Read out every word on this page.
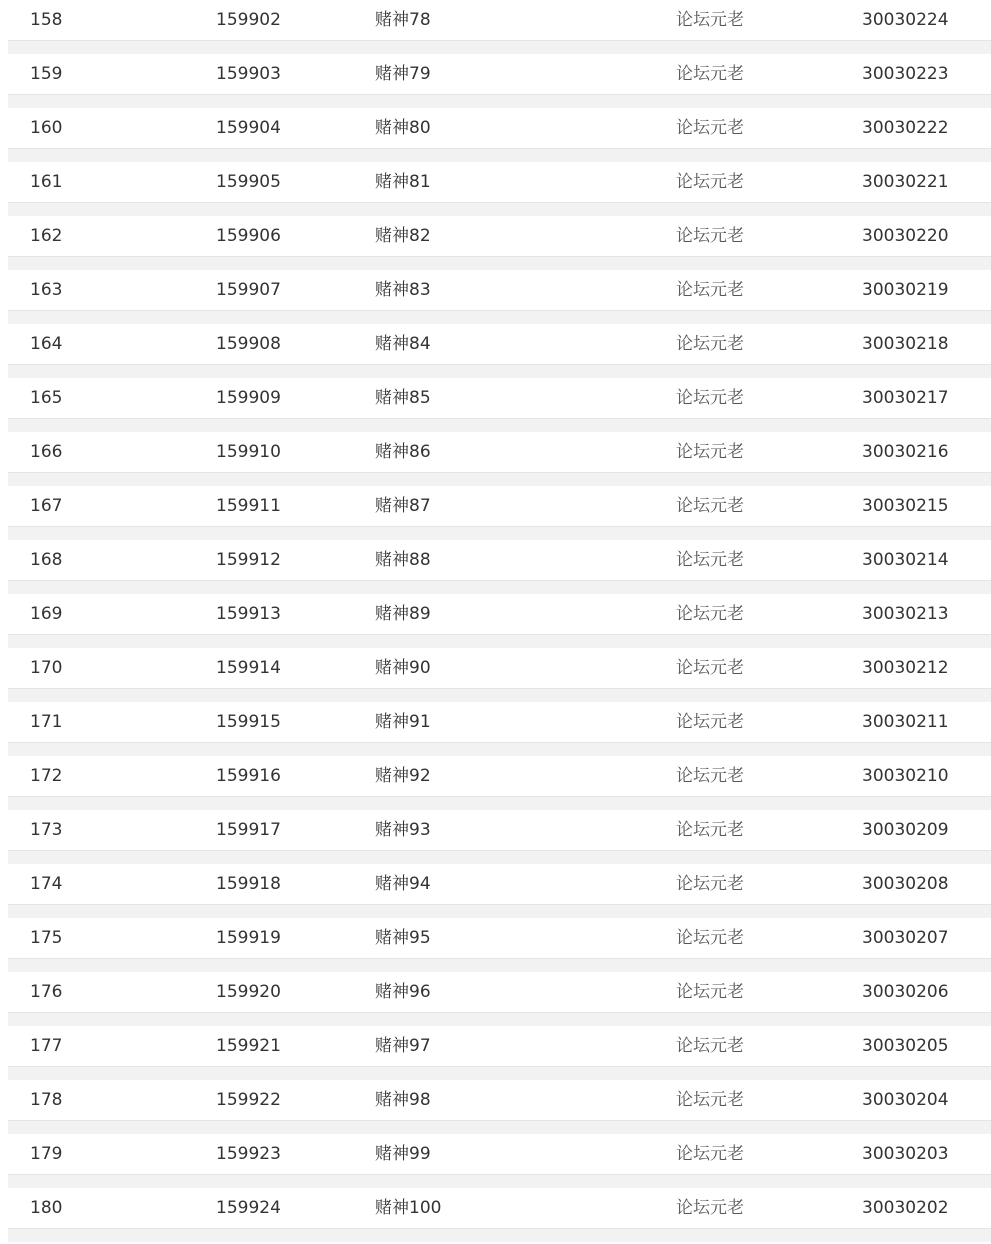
158	159902	赌神78	论坛元老	30030224
159	159903	赌神79	论坛元老	30030223
160	159904	赌神80	论坛元老	30030222
161	159905	赌神81	论坛元老	30030221
162	159906	赌神82	论坛元老	30030220
163	159907	赌神83	论坛元老	30030219
164	159908	赌神84	论坛元老	30030218
165	159909	赌神85	论坛元老	30030217
166	159910	赌神86	论坛元老	30030216
167	159911	赌神87	论坛元老	30030215
168	159912	赌神88	论坛元老	30030214
169	159913	赌神89	论坛元老	30030213
170	159914	赌神90	论坛元老	30030212
171	159915	赌神91	论坛元老	30030211
172	159916	赌神92	论坛元老	30030210
173	159917	赌神93	论坛元老	30030209
174	159918	赌神94	论坛元老	30030208
175	159919	赌神95	论坛元老	30030207
176	159920	赌神96	论坛元老	30030206
177	159921	赌神97	论坛元老	30030205
178	159922	赌神98	论坛元老	30030204
179	159923	赌神99	论坛元老	30030203
180	159924	赌神100	论坛元老	30030202
